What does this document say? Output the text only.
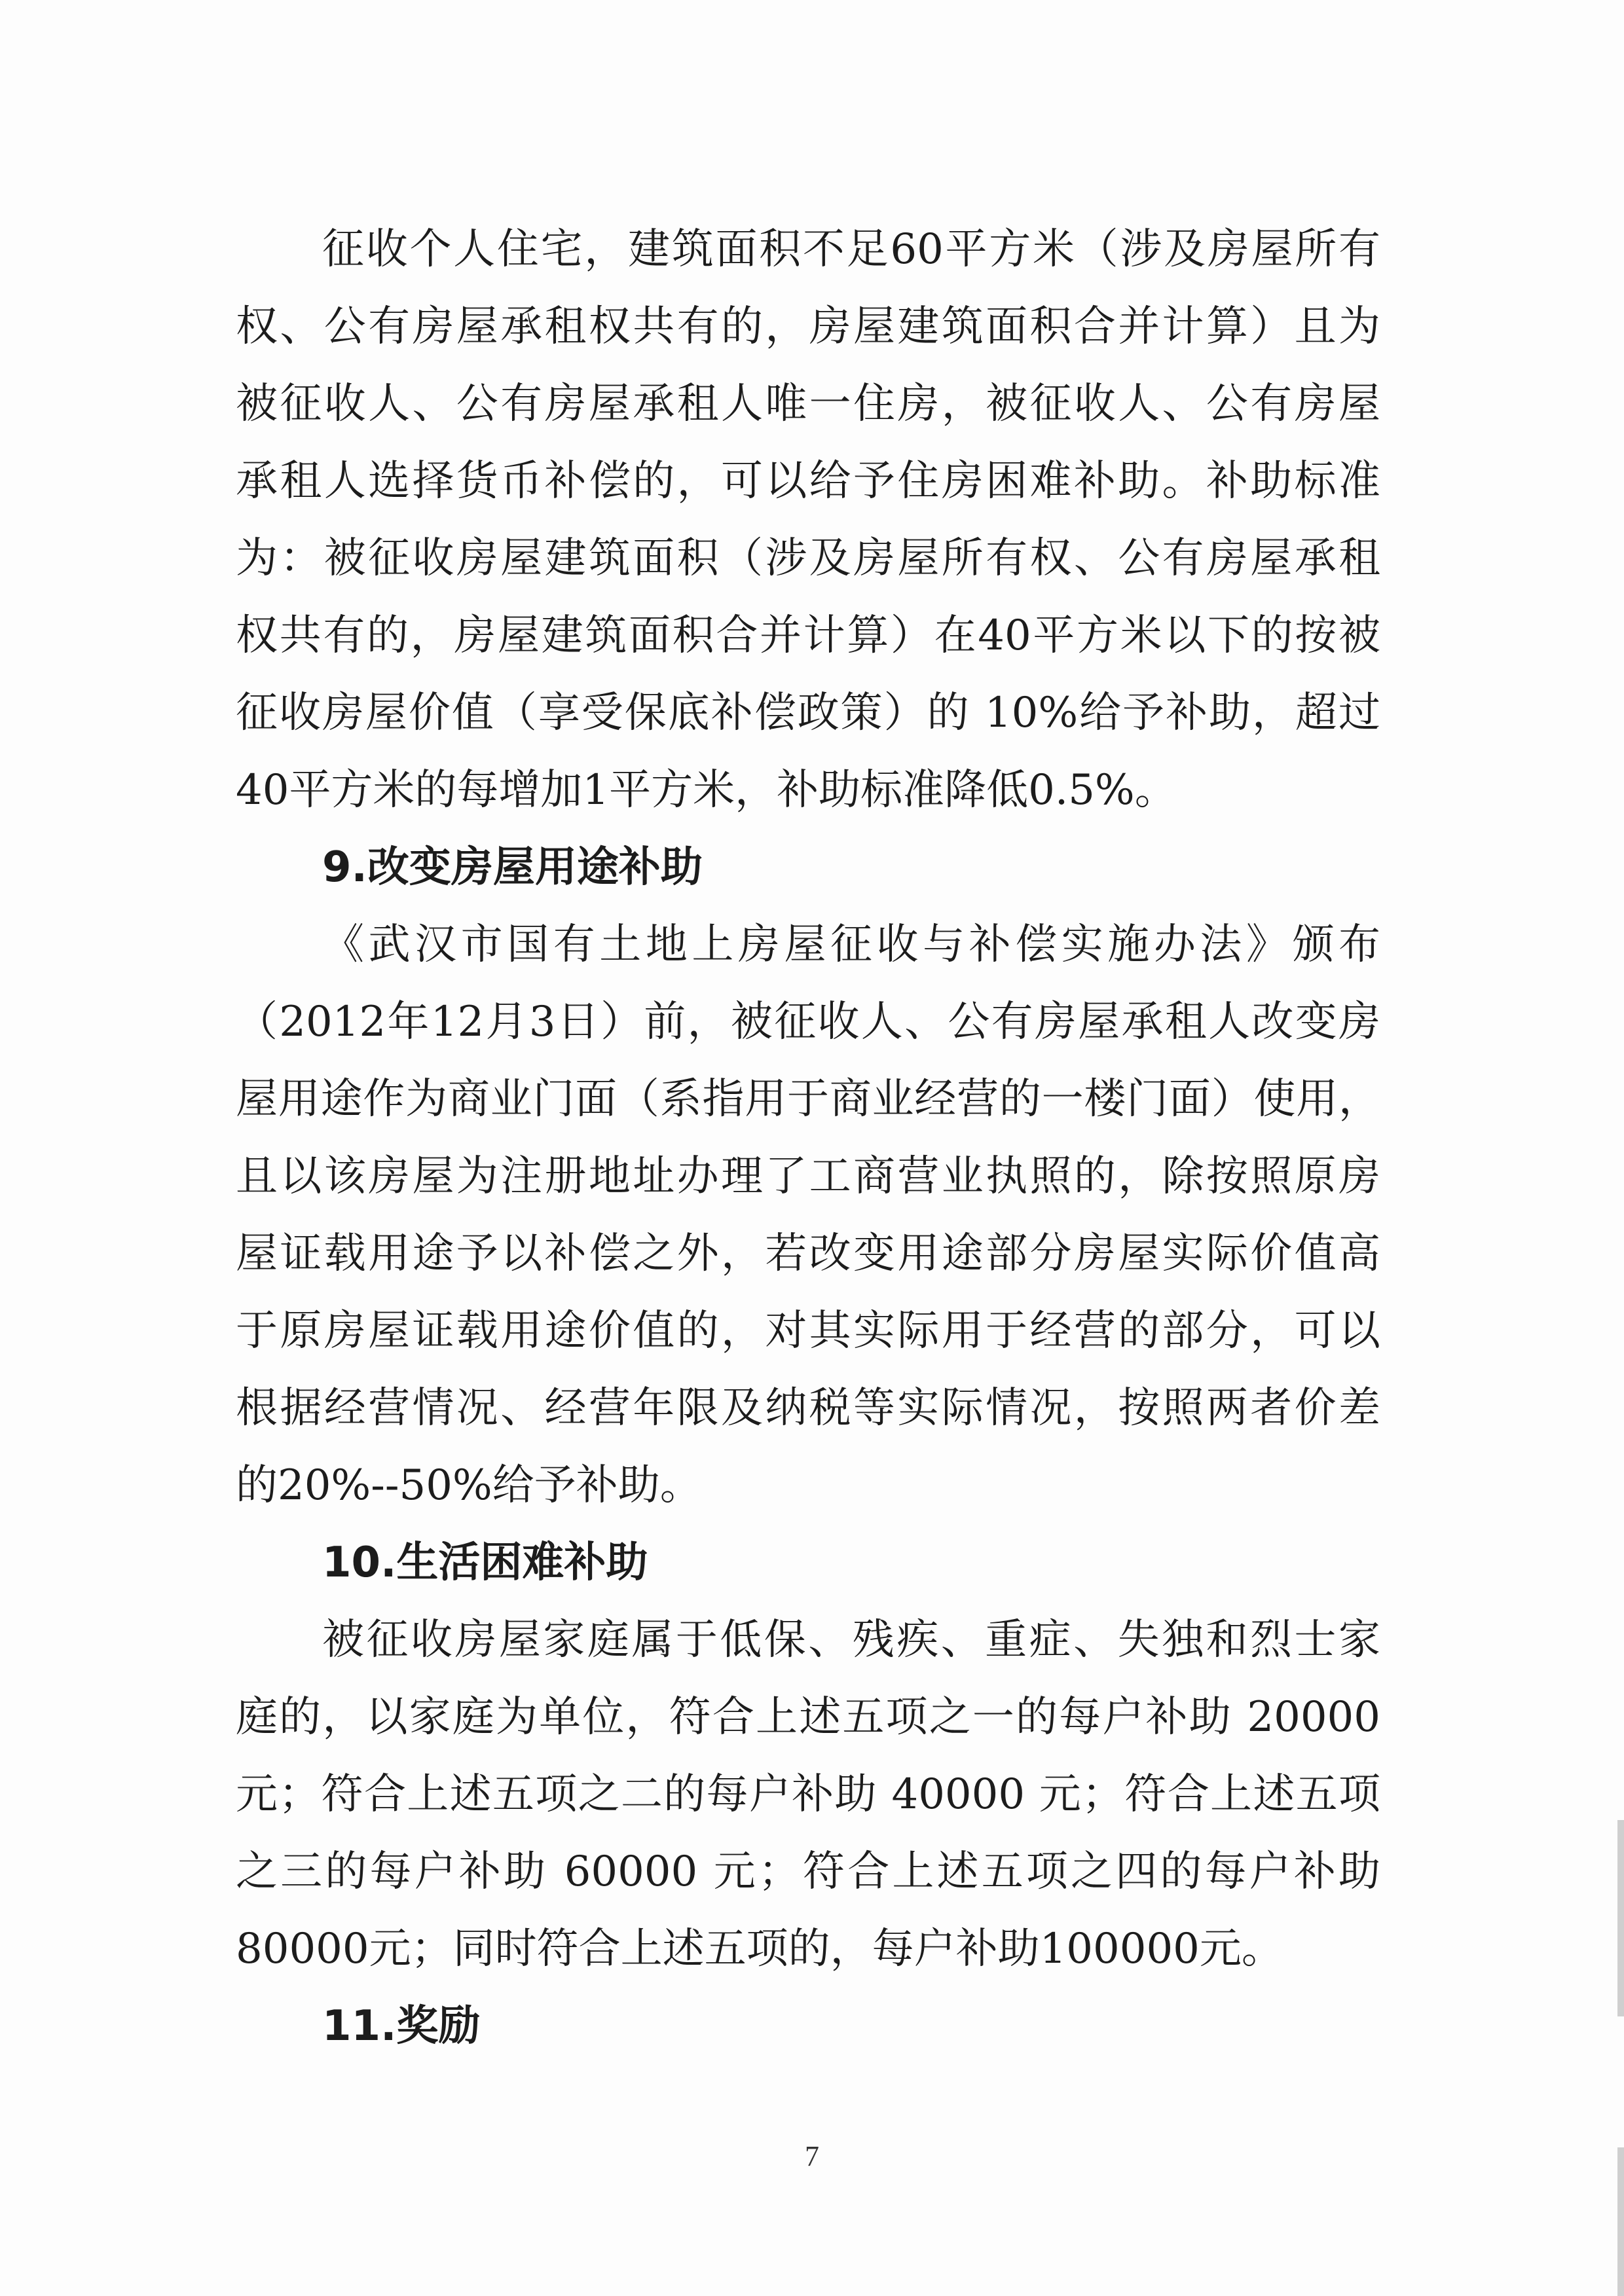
征收个人住宅，建筑面积不足60平方米（涉及房屋所有
权、公有房屋承租权共有的，房屋建筑面积合并计算）且为
被征收人、公有房屋承租人唯一住房，被征收人、公有房屋
承租人选择货币补偿的，可以给予住房困难补助。补助标准
为：被征收房屋建筑面积（涉及房屋所有权、公有房屋承租
权共有的，房屋建筑面积合并计算）在40平方米以下的按被
征收房屋价值（享受保底补偿政策）的 10%给予补助，超过
40平方米的每增加1平方米，补助标准降低0.5%。
9.改变房屋用途补助
《武汉市国有土地上房屋征收与补偿实施办法》颁布
（2012年12月3日）前，被征收人、公有房屋承租人改变房
屋用途作为商业门面（系指用于商业经营的一楼门面）使用，
且以该房屋为注册地址办理了工商营业执照的，除按照原房
屋证载用途予以补偿之外，若改变用途部分房屋实际价值高
于原房屋证载用途价值的，对其实际用于经营的部分，可以
根据经营情况、经营年限及纳税等实际情况，按照两者价差
的20%--50%给予补助。
10.生活困难补助
被征收房屋家庭属于低保、残疾、重症、失独和烈士家
庭的，以家庭为单位，符合上述五项之一的每户补助 20000
元；符合上述五项之二的每户补助 40000 元；符合上述五项
之三的每户补助 60000 元；符合上述五项之四的每户补助
80000元；同时符合上述五项的，每户补助100000元。
11.奖励
7
